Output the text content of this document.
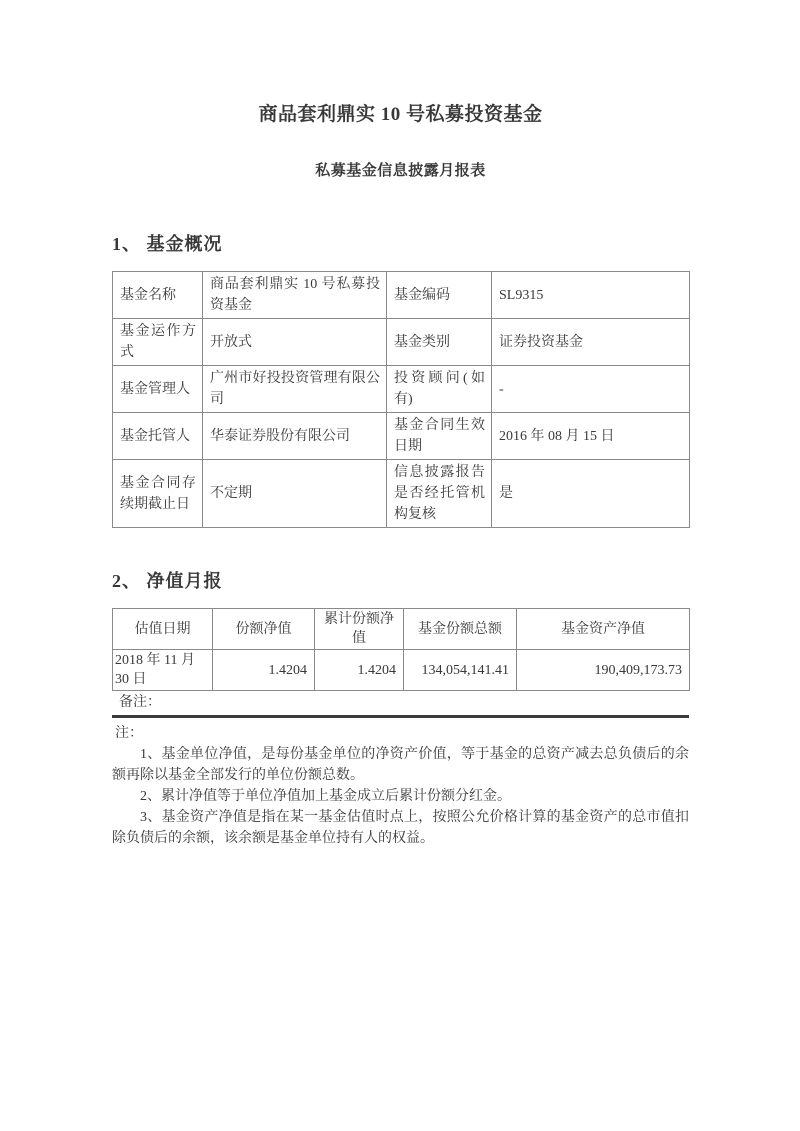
商品套利鼎实 10 号私募投资基金
私募基金信息披露月报表
1、 基金概况
基金名称	商品套利鼎实 10 号私募投资基金	基金编码	SL9315
基金运作方式	开放式	基金类别	证券投资基金
基金管理人	广州市好投投资管理有限公司	投资顾问(如有)	-
基金托管人	华泰证券股份有限公司	基金合同生效日期	2016 年 08 月 15 日
基金合同存续期截止日	不定期	信息披露报告是否经托管机构复核	是
2、 净值月报
估值日期	份额净值	累计份额净值	基金份额总额	基金资产净值
2018 年 11 月 30 日	1.4204	1.4204	134,054,141.41	190,409,173.73
备注：
注：

1、基金单位净值，是每份基金单位的净资产价值，等于基金的总资产减去总负债后的余额再除以基金全部发行的单位份额总数。

2、累计净值等于单位净值加上基金成立后累计份额分红金。

3、基金资产净值是指在某一基金估值时点上，按照公允价格计算的基金资产的总市值扣除负债后的余额，该余额是基金单位持有人的权益。
